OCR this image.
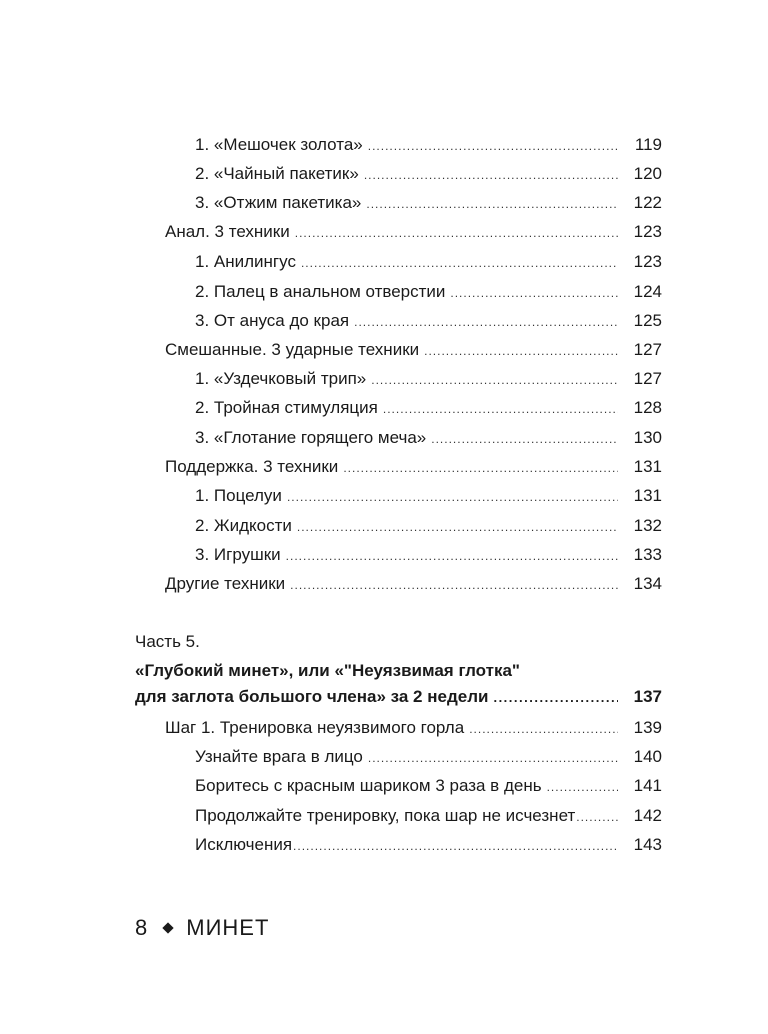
1. «Мешочек золота» .....	119
2. «Чайный пакетик» .....	120
3. «Отжим пакетика» .....	122
Анал. 3 техники .....	123
1. Анилингус .....	123
2. Палец в анальном отверстии .....	124
3. От ануса до края .....	125
Смешанные. 3 ударные техники .....	127
1. «Уздечковый трип» .....	127
2. Тройная стимуляция .....	128
3. «Глотание горящего меча» .....	130
Поддержка. 3 техники .....	131
1. Поцелуи .....	131
2. Жидкости .....	132
3. Игрушки .....	133
Другие техники .....	134
Часть 5.
«Глубокий минет», или «"Неуязвимая глотка"
для заглота большого члена» за 2 недели .....	137
Шаг 1. Тренировка неуязвимого горла .....	139
Узнайте врага в лицо .....	140
Боритесь с красным шариком 3 раза в день .....	141
Продолжайте тренировку, пока шар не исчезнет .....	142
Исключения .....	143
8 МИНЕТ
